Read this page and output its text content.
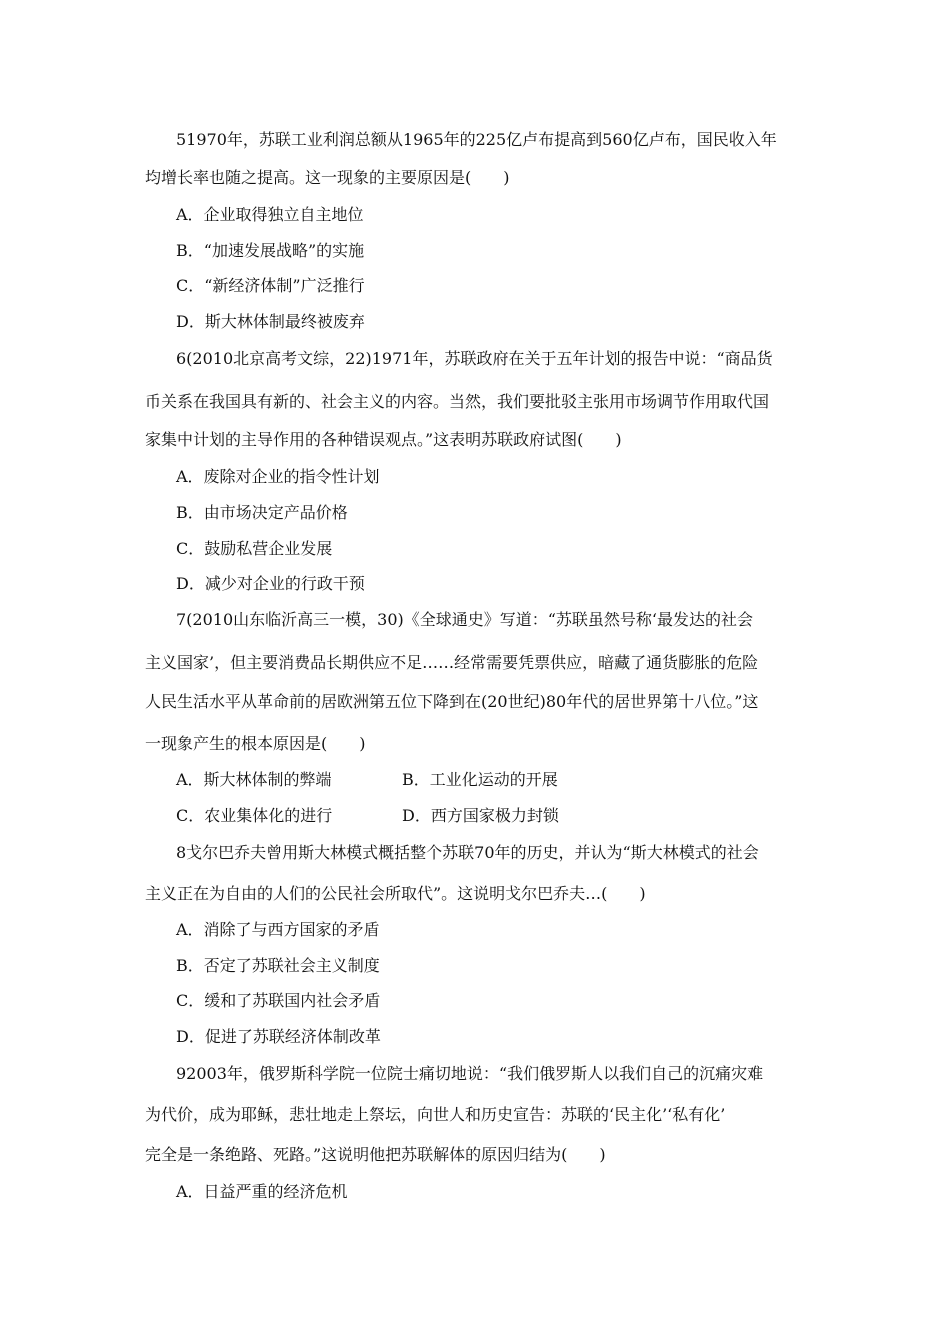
51970年，苏联工业利润总额从1965年的225亿卢布提高到560亿卢布，国民收入年
均增长率也随之提高。这一现象的主要原因是(　　)
A．企业取得独立自主地位
B．“加速发展战略”的实施
C．“新经济体制”广泛推行
D．斯大林体制最终被废弃
6(2010北京高考文综，22)1971年，苏联政府在关于五年计划的报告中说：“商品货
币关系在我国具有新的、社会主义的内容。当然，我们要批驳主张用市场调节作用取代国
家集中计划的主导作用的各种错误观点。”这表明苏联政府试图(　　)
A．废除对企业的指令性计划
B．由市场决定产品价格
C．鼓励私营企业发展
D．减少对企业的行政干预
7(2010山东临沂高三一模，30)《全球通史》写道：“苏联虽然号称‘最发达的社会
主义国家’，但主要消费品长期供应不足……经常需要凭票供应，暗藏了通货膨胀的危险
人民生活水平从革命前的居欧洲第五位下降到在(20世纪)80年代的居世界第十八位。”这
一现象产生的根本原因是(　　)
A．斯大林体制的弊端	B．工业化运动的开展
C．农业集体化的进行	D．西方国家极力封锁
8戈尔巴乔夫曾用斯大林模式概括整个苏联70年的历史，并认为“斯大林模式的社会
主义正在为自由的人们的公民社会所取代”。这说明戈尔巴乔夫…(　　)
A．消除了与西方国家的矛盾
B．否定了苏联社会主义制度
C．缓和了苏联国内社会矛盾
D．促进了苏联经济体制改革
92003年，俄罗斯科学院一位院士痛切地说：“我们俄罗斯人以我们自己的沉痛灾难
为代价，成为耶稣，悲壮地走上祭坛，向世人和历史宣告：苏联的‘民主化’‘私有化’
完全是一条绝路、死路。”这说明他把苏联解体的原因归结为(　　)
A．日益严重的经济危机
